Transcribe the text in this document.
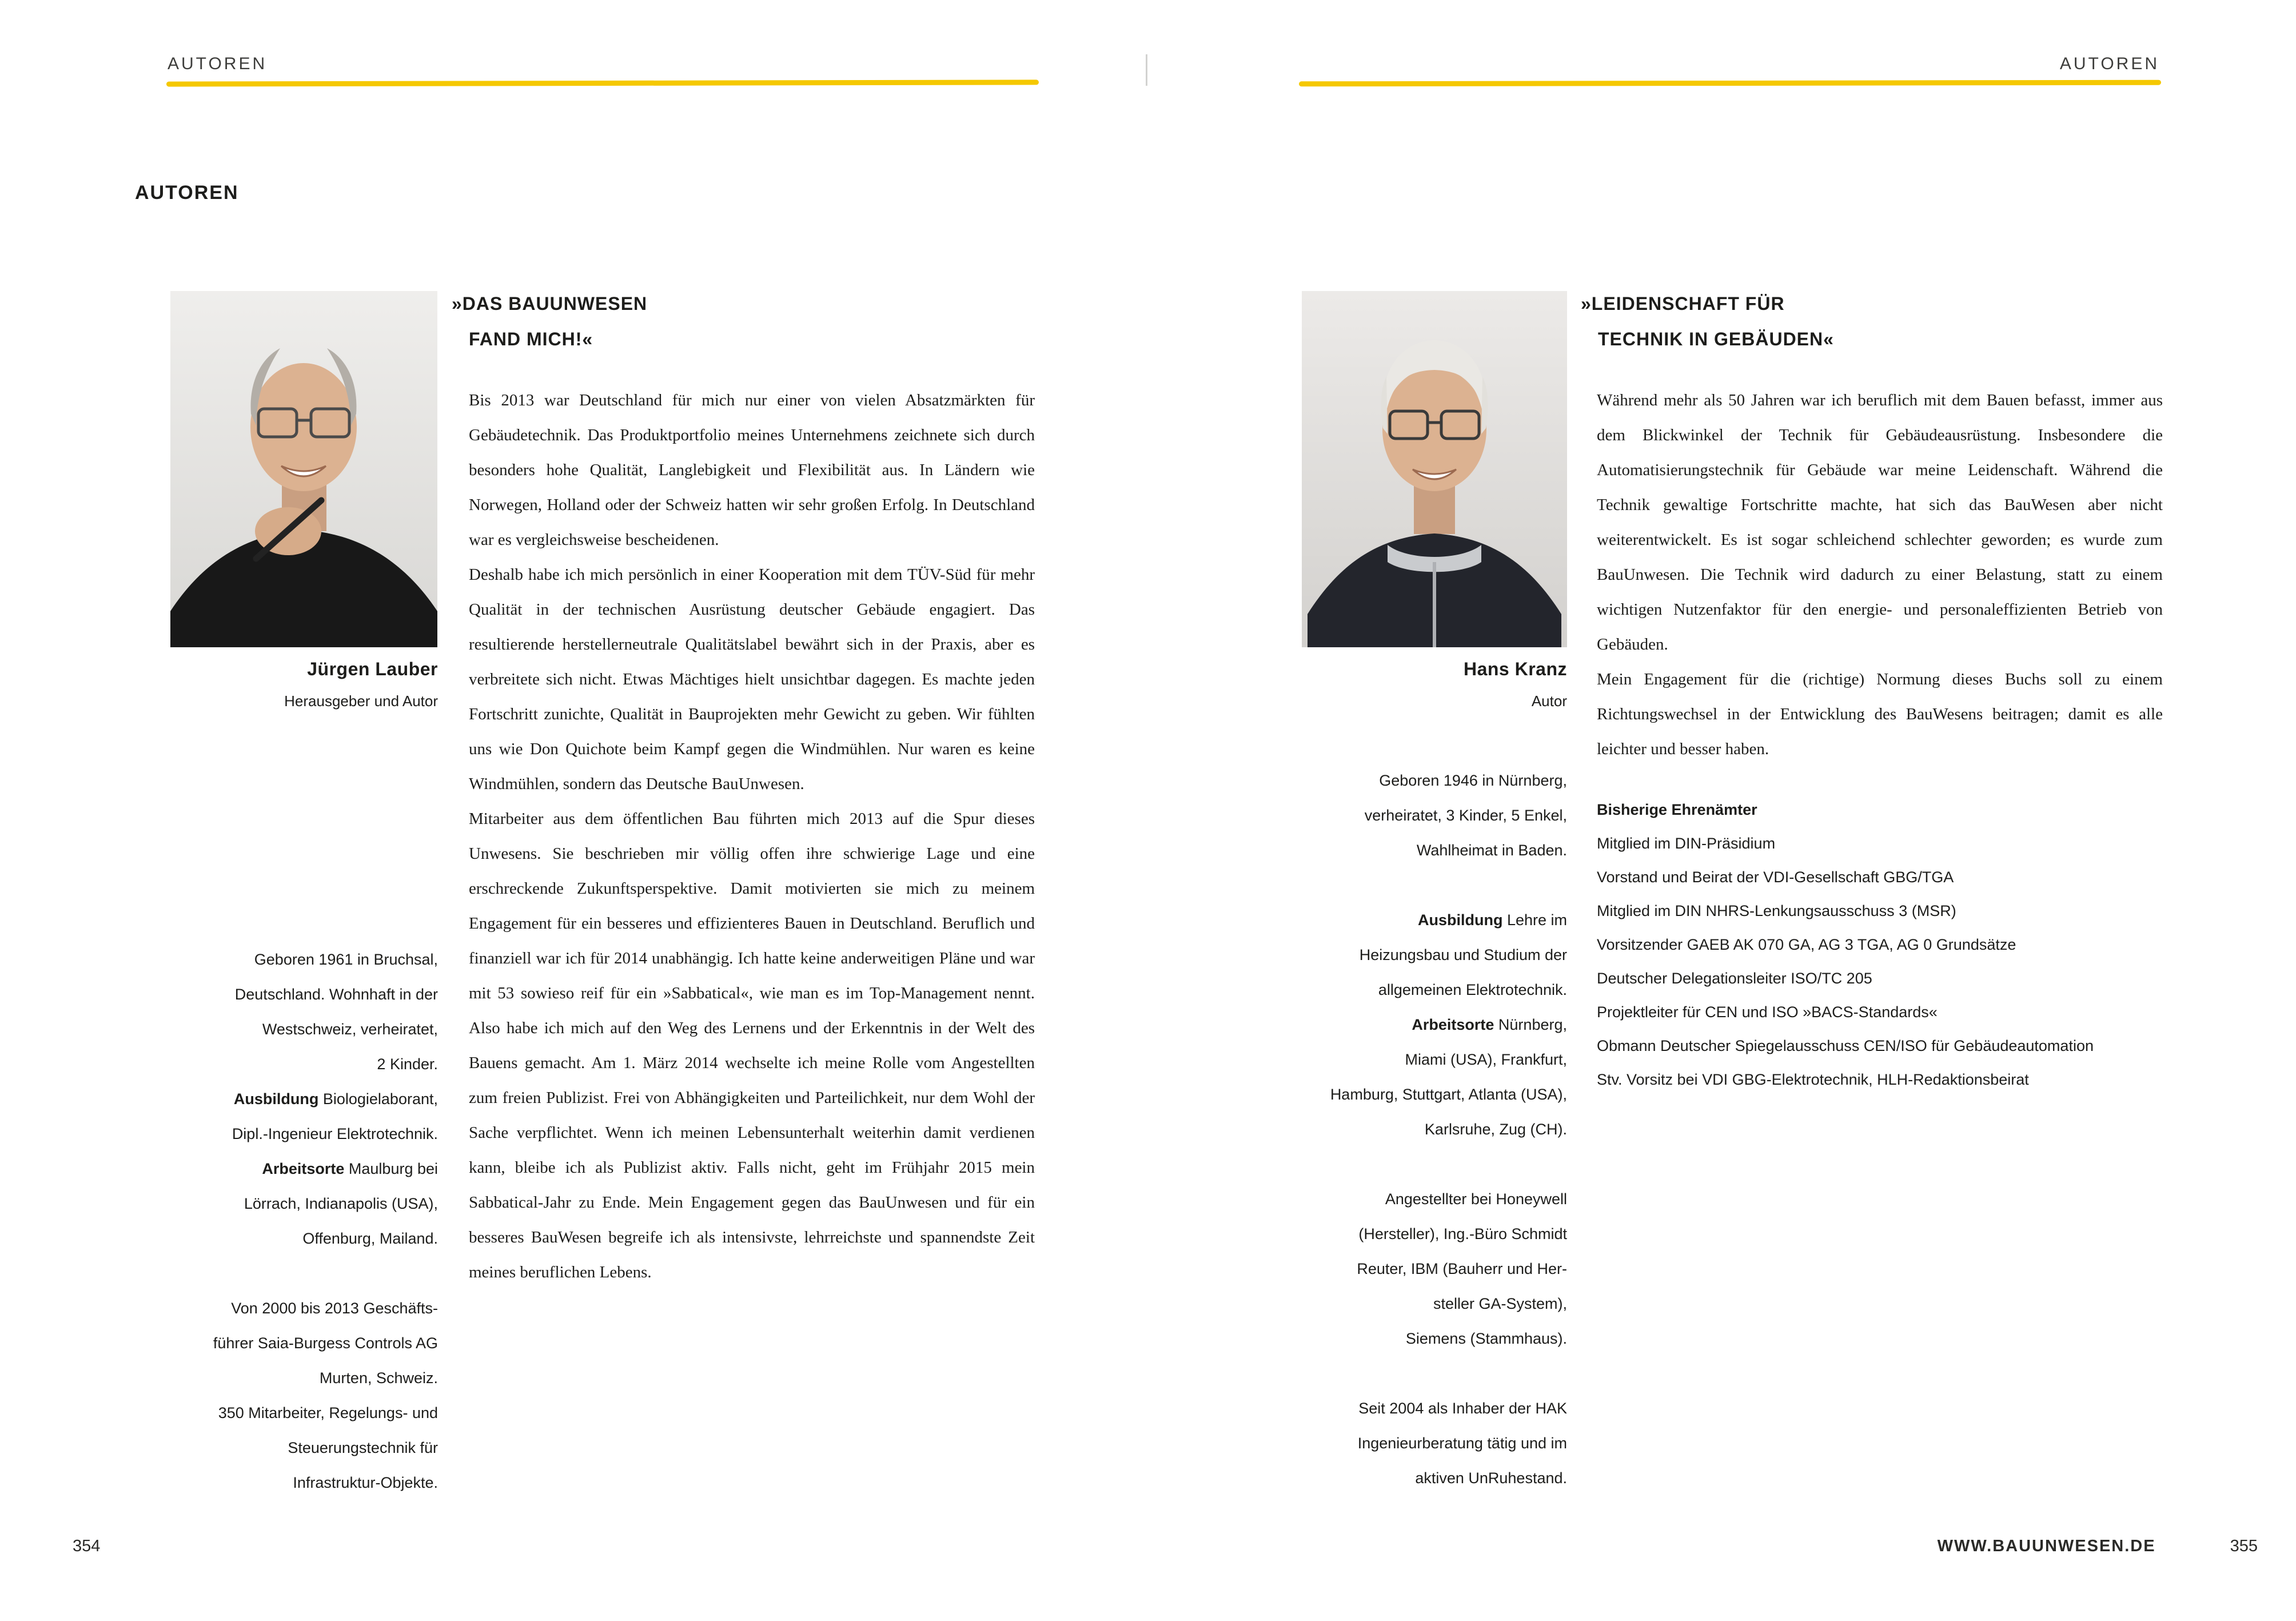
AUTOREN
AUTOREN
Jürgen Lauber
Herausgeber und Autor
Geboren 1961 in Bruchsal,
Deutschland. Wohnhaft in der
Westschweiz, verheiratet,
2 Kinder.
Ausbildung Biologielaborant,
Dipl.-Ingenieur Elektrotechnik.
Arbeitsorte Maulburg bei
Lörrach, Indianapolis (USA),
Offenburg, Mailand.
Von 2000 bis 2013 Geschäfts-
führer Saia-Burgess Controls AG
Murten, Schweiz.
350 Mitarbeiter, Regelungs- und
Steuerungstechnik für
Infrastruktur-Objekte.
»DAS BAUUNWESEN
FAND MICH!«

Bis 2013 war Deutschland für mich nur einer von vielen Absatzmärkten für Gebäudetechnik. Das Produktportfolio meines Unternehmens zeichnete sich durch besonders hohe Qualität, Langlebigkeit und Flexibilität aus. In Ländern wie Norwegen, Holland oder der Schweiz hatten wir sehr großen Erfolg. In Deutschland war es vergleichsweise bescheidenen.

Deshalb habe ich mich persönlich in einer Kooperation mit dem TÜV-Süd für mehr Qualität in der technischen Ausrüstung deutscher Gebäude engagiert. Das resultierende herstellerneutrale Qualitätslabel bewährt sich in der Praxis, aber es verbreitete sich nicht. Etwas Mächtiges hielt unsichtbar dagegen. Es machte jeden Fortschritt zunichte, Qualität in Bauprojekten mehr Gewicht zu geben. Wir fühlten uns wie Don Quichote beim Kampf gegen die Windmühlen. Nur waren es keine Windmühlen, sondern das Deutsche BauUnwesen.

Mitarbeiter aus dem öffentlichen Bau führten mich 2013 auf die Spur dieses Unwesens. Sie beschrieben mir völlig offen ihre schwierige Lage und eine erschreckende Zukunftsperspektive. Damit motivierten sie mich zu meinem Engagement für ein besseres und effizienteres Bauen in Deutschland. Beruflich und finanziell war ich für 2014 unabhängig. Ich hatte keine anderweitigen Pläne und war mit 53 sowieso reif für ein »Sabbatical«, wie man es im Top-Management nennt. Also habe ich mich auf den Weg des Lernens und der Erkenntnis in der Welt des Bauens gemacht. Am 1. März 2014 wechselte ich meine Rolle vom Angestellten zum freien Publizist. Frei von Abhängigkeiten und Parteilichkeit, nur dem Wohl der Sache verpflichtet. Wenn ich meinen Lebensunterhalt weiterhin damit verdienen kann, bleibe ich als Publizist aktiv. Falls nicht, geht im Frühjahr 2015 mein Sabbatical-Jahr zu Ende. Mein Engagement gegen das BauUnwesen und für ein besseres BauWesen begreife ich als intensivste, lehrreichste und spannendste Zeit meines beruflichen Lebens.

354
AUTOREN
Hans Kranz
Autor
Geboren 1946 in Nürnberg,
verheiratet, 3 Kinder, 5 Enkel,
Wahlheimat in Baden.
Ausbildung Lehre im
Heizungsbau und Studium der
allgemeinen Elektrotechnik.
Arbeitsorte Nürnberg,
Miami (USA), Frankfurt,
Hamburg, Stuttgart, Atlanta (USA),
Karlsruhe, Zug (CH).
Angestellter bei Honeywell
(Hersteller), Ing.-Büro Schmidt
Reuter, IBM (Bauherr und Her-
steller GA-System),
Siemens (Stammhaus).
Seit 2004 als Inhaber der HAK
Ingenieurberatung tätig und im
aktiven UnRuhestand.
»LEIDENSCHAFT FÜR
TECHNIK IN GEBÄUDEN«

Während mehr als 50 Jahren war ich beruflich mit dem Bauen befasst, immer aus dem Blickwinkel der Technik für Gebäudeausrüstung. Insbesondere die Automatisierungstechnik für Gebäude war meine Leidenschaft. Während die Technik gewaltige Fortschritte machte, hat sich das BauWesen aber nicht weiterentwickelt. Es ist sogar schleichend schlechter geworden; es wurde zum BauUnwesen. Die Technik wird dadurch zu einer Belastung, statt zu einem wichtigen Nutzenfaktor für den energie- und personaleffizienten Betrieb von Gebäuden.

Mein Engagement für die (richtige) Normung dieses Buchs soll zu einem Richtungswechsel in der Entwicklung des BauWesens beitragen; damit es alle leichter und besser haben.

Bisherige Ehrenämter
Mitglied im DIN-Präsidium
Vorstand und Beirat der VDI-Gesellschaft GBG/TGA
Mitglied im DIN NHRS-Lenkungsausschuss 3 (MSR)
Vorsitzender GAEB AK 070 GA, AG 3 TGA, AG 0 Grundsätze
Deutscher Delegationsleiter ISO/TC 205
Projektleiter für CEN und ISO »BACS-Standards«
Obmann Deutscher Spiegelausschuss CEN/ISO für Gebäudeautomation
Stv. Vorsitz bei VDI GBG-Elektrotechnik, HLH-Redaktionsbeirat
WWW.BAUUNWESEN.DE	355
